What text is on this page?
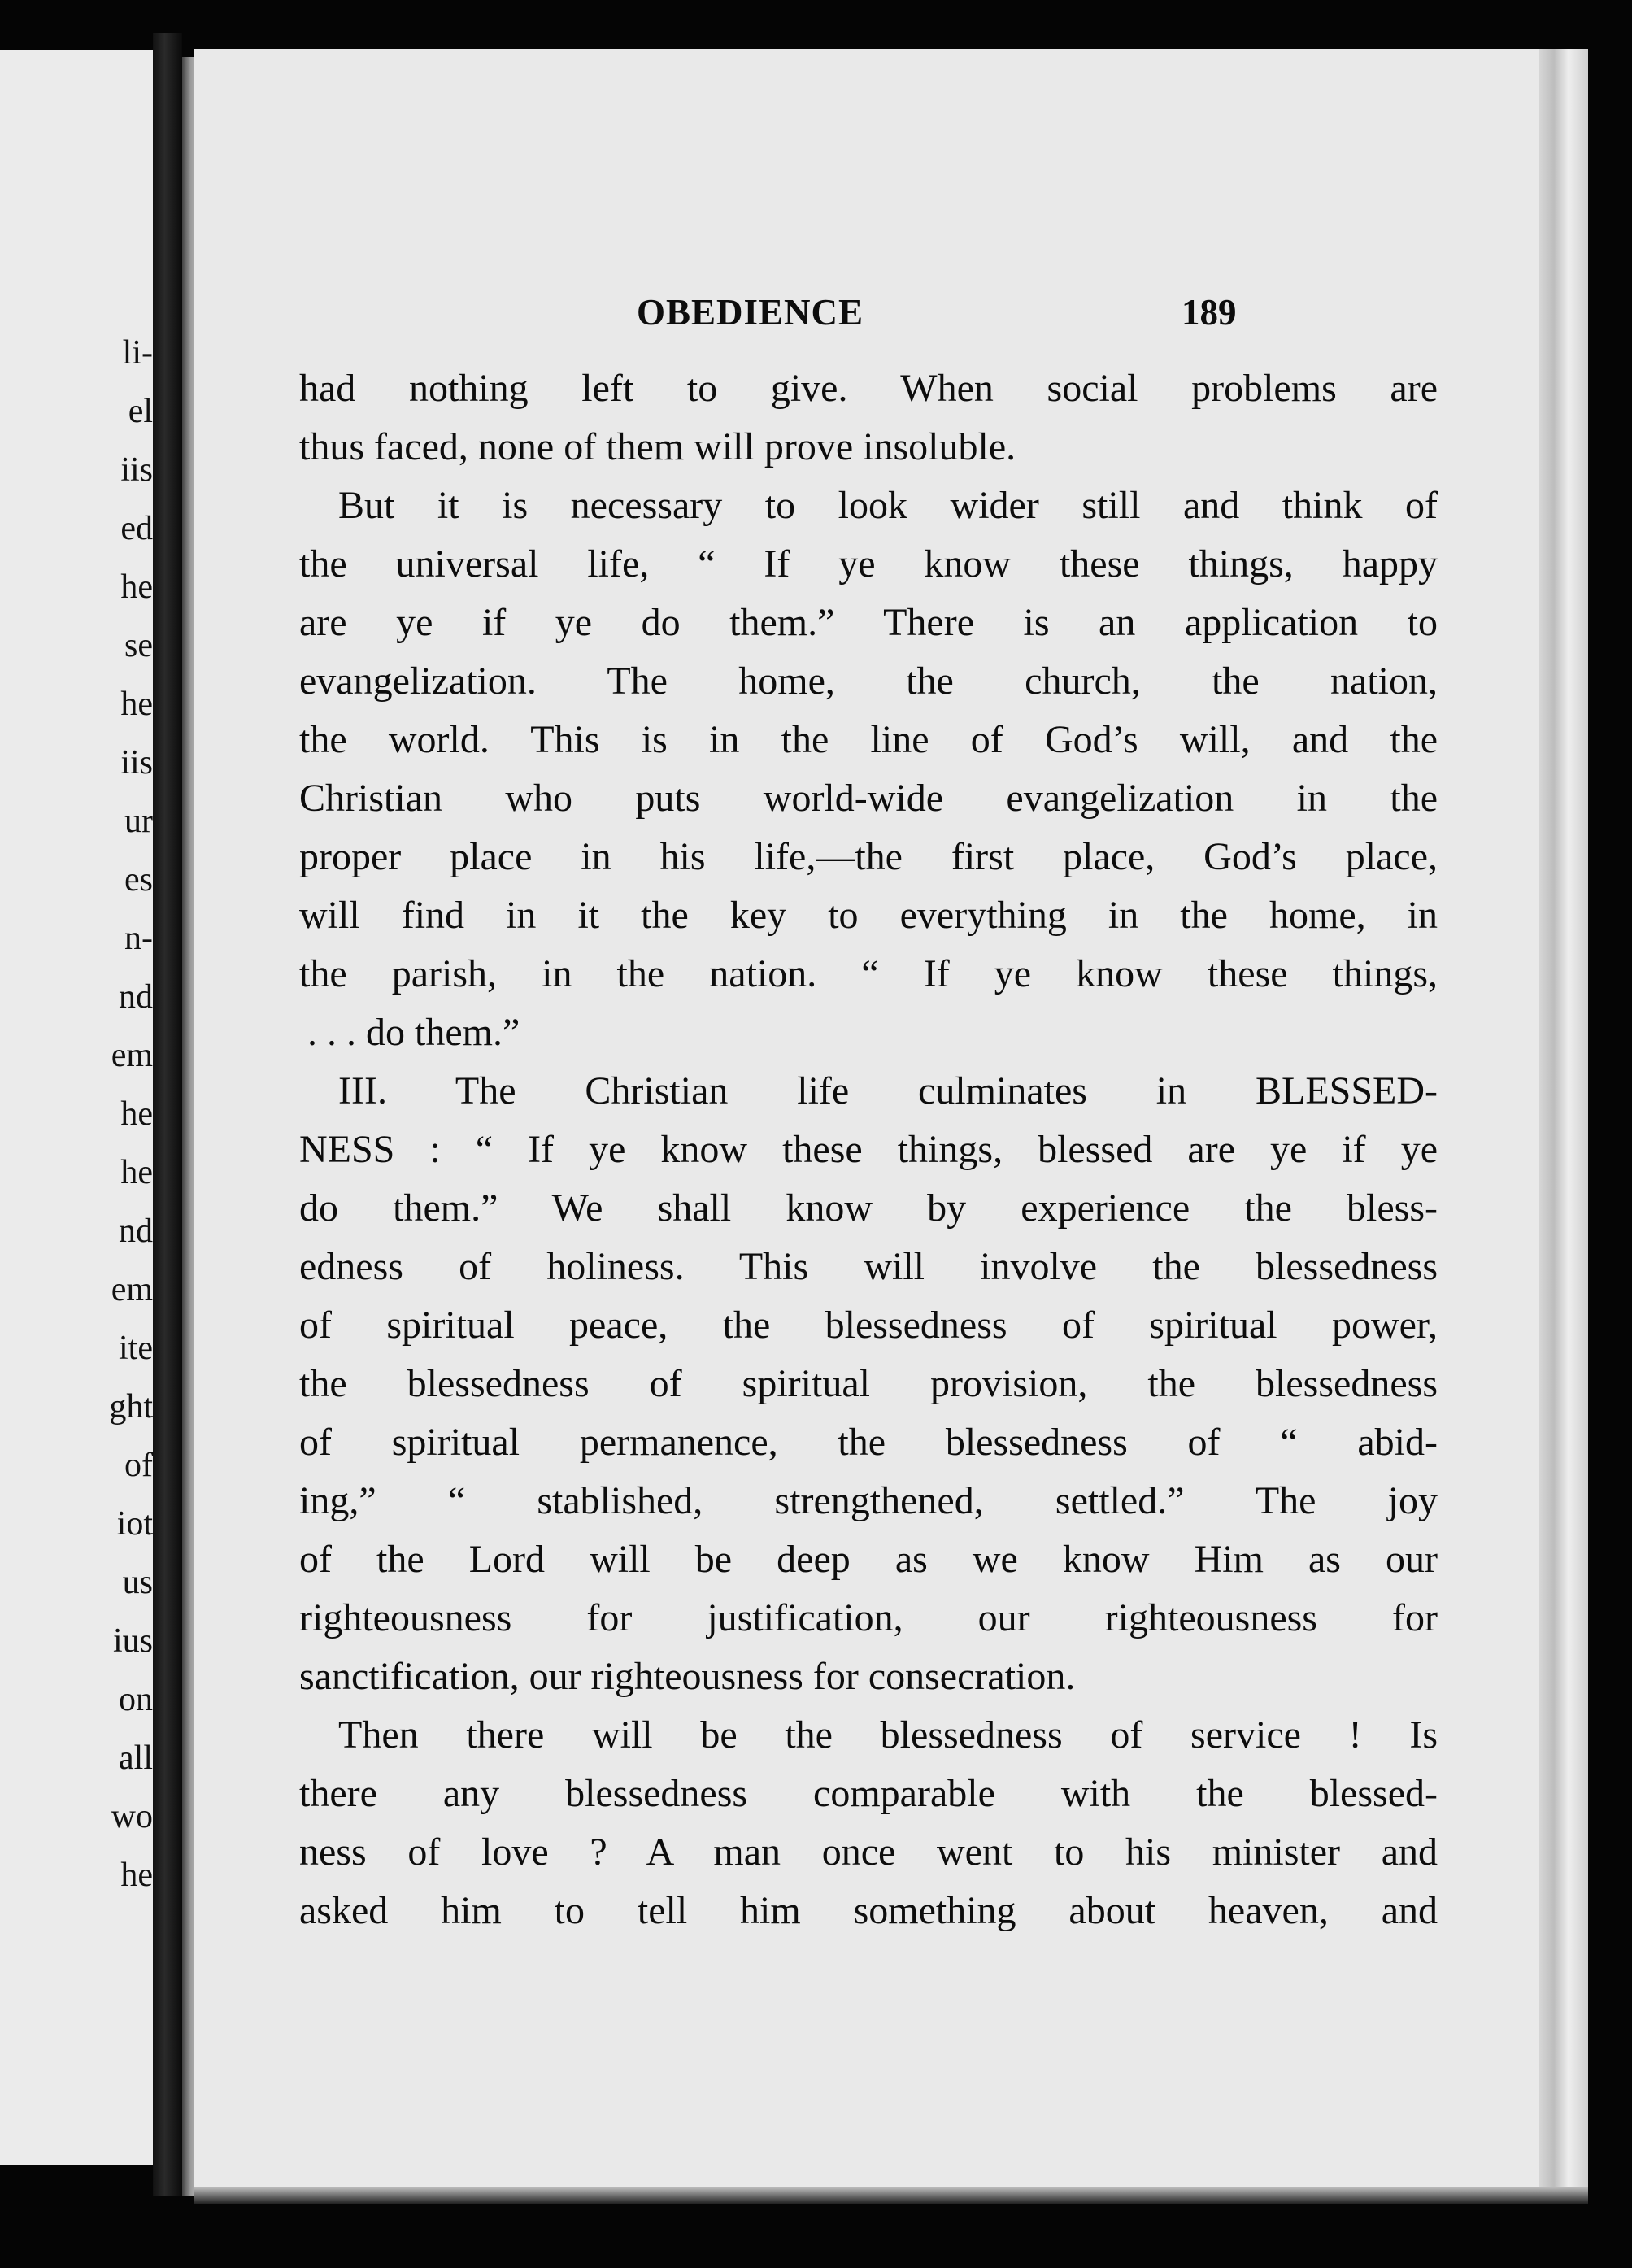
li-
el
iis
ed
he
se
he
iis
ur
es
n-
nd
em
he
he
nd
em
ite
ght
of
iot
us
ius
on
all
wo
he
OBEDIENCE	189
had nothing left to give. When social problems are
thus faced, none of them will prove insoluble.
But it is necessary to look wider still and think of
the universal life, “ If ye know these things, happy
are ye if ye do them.” There is an application to
evangelization. The home, the church, the nation,
the world. This is in the line of God’s will, and the
Christian who puts world-wide evangelization in the
proper place in his life,—the first place, God’s place,
will find in it the key to everything in the home, in
the parish, in the nation. “ If ye know these things,
. . . do them.”
III. The Christian life culminates in BLESSED-
NESS : “ If ye know these things, blessed are ye if ye
do them.” We shall know by experience the bless-
edness of holiness. This will involve the blessedness
of spiritual peace, the blessedness of spiritual power,
the blessedness of spiritual provision, the blessedness
of spiritual permanence, the blessedness of “ abid-
ing,” “ stablished, strengthened, settled.” The joy
of the Lord will be deep as we know Him as our
righteousness for justification, our righteousness for
sanctification, our righteousness for consecration.
Then there will be the blessedness of service ! Is
there any blessedness comparable with the blessed-
ness of love ? A man once went to his minister and
asked him to tell him something about heaven, and
